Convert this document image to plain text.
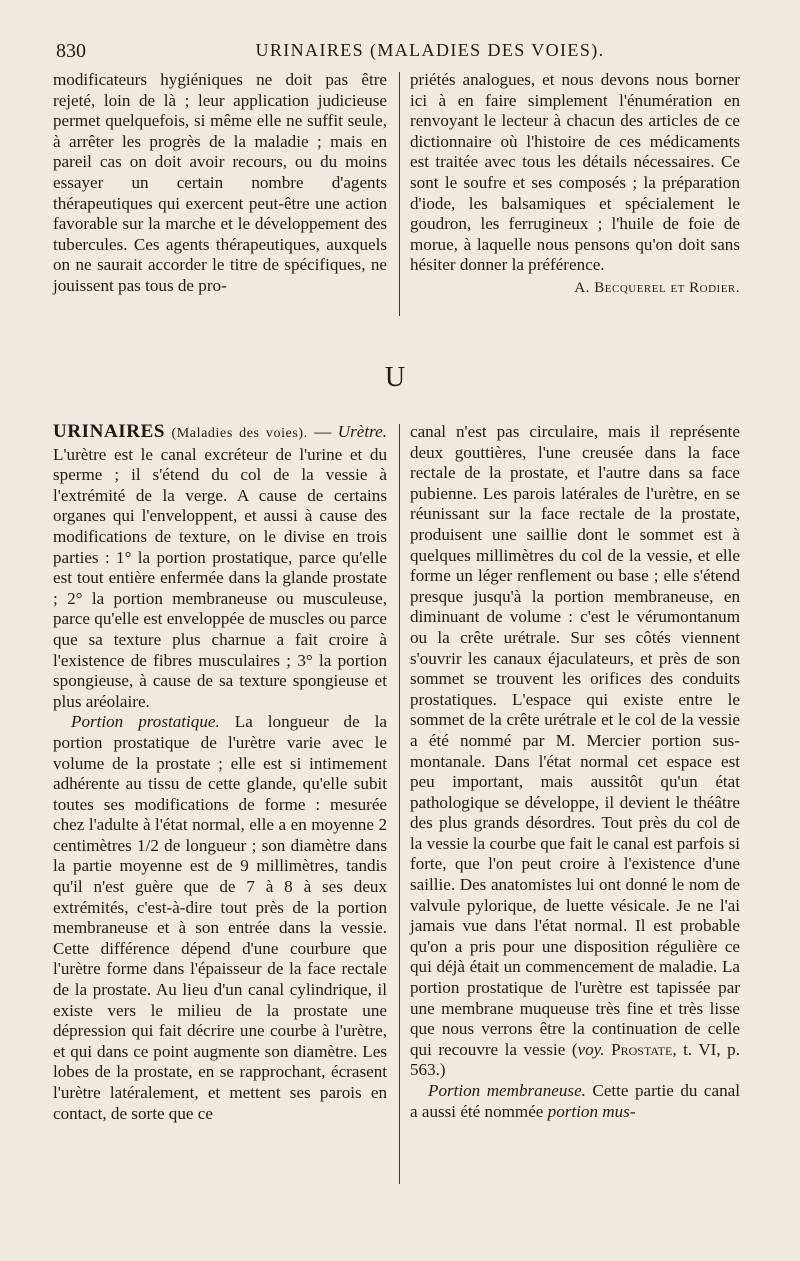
830	URINAIRES (MALADIES DES VOIES).

modificateurs hygiéniques ne doit pas être rejeté, loin de là ; leur application judicieuse permet quelquefois, si même elle ne suffit seule, à arrêter les progrès de la maladie ; mais en pareil cas on doit avoir recours, ou du moins essayer un certain nombre d'agents thérapeutiques qui exercent peut-être une action favorable sur la marche et le développement des tubercules. Ces agents thérapeutiques, auxquels on ne saurait accorder le titre de spécifiques, ne jouissent pas tous de pro-

priétés analogues, et nous devons nous borner ici à en faire simplement l'énumération en renvoyant le lecteur à chacun des articles de ce dictionnaire où l'histoire de ces médicaments est traitée avec tous les détails nécessaires. Ce sont le soufre et ses composés ; la préparation d'iode, les balsamiques et spécialement le goudron, les ferrugineux ; l'huile de foie de morue, à laquelle nous pensons qu'on doit sans hésiter donner la préférence.

A. Becquerel et Rodier.

U

URINAIRES (Maladies des voies). — Urètre. L'urètre est le canal excréteur de l'urine et du sperme ; il s'étend du col de la vessie à l'extrémité de la verge. A cause de certains organes qui l'enveloppent, et aussi à cause des modifications de texture, on le divise en trois parties : 1° la portion prostatique, parce qu'elle est tout entière enfermée dans la glande prostate ; 2° la portion membraneuse ou musculeuse, parce qu'elle est enveloppée de muscles ou parce que sa texture plus charnue a fait croire à l'existence de fibres musculaires ; 3° la portion spongieuse, à cause de sa texture spongieuse et plus aréolaire.

Portion prostatique. La longueur de la portion prostatique de l'urètre varie avec le volume de la prostate ; elle est si intimement adhérente au tissu de cette glande, qu'elle subit toutes ses modifications de forme : mesurée chez l'adulte à l'état normal, elle a en moyenne 2 centimètres 1/2 de longueur ; son diamètre dans la partie moyenne est de 9 millimètres, tandis qu'il n'est guère que de 7 à 8 à ses deux extrémités, c'est-à-dire tout près de la portion membraneuse et à son entrée dans la vessie. Cette différence dépend d'une courbure que l'urètre forme dans l'épaisseur de la face rectale de la prostate. Au lieu d'un canal cylindrique, il existe vers le milieu de la prostate une dépression qui fait décrire une courbe à l'urètre, et qui dans ce point augmente son diamètre. Les lobes de la prostate, en se rapprochant, écrasent l'urètre latéralement, et mettent ses parois en contact, de sorte que ce

canal n'est pas circulaire, mais il représente deux gouttières, l'une creusée dans la face rectale de la prostate, et l'autre dans sa face pubienne. Les parois latérales de l'urètre, en se réunissant sur la face rectale de la prostate, produisent une saillie dont le sommet est à quelques millimètres du col de la vessie, et elle forme un léger renflement ou base ; elle s'étend presque jusqu'à la portion membraneuse, en diminuant de volume : c'est le vérumontanum ou la crête urétrale. Sur ses côtés viennent s'ouvrir les canaux éjaculateurs, et près de son sommet se trouvent les orifices des conduits prostatiques. L'espace qui existe entre le sommet de la crête urétrale et le col de la vessie a été nommé par M. Mercier portion sus-montanale. Dans l'état normal cet espace est peu important, mais aussitôt qu'un état pathologique se développe, il devient le théâtre des plus grands désordres. Tout près du col de la vessie la courbe que fait le canal est parfois si forte, que l'on peut croire à l'existence d'une saillie. Des anatomistes lui ont donné le nom de valvule pylorique, de luette vésicale. Je ne l'ai jamais vue dans l'état normal. Il est probable qu'on a pris pour une disposition régulière ce qui déjà était un commencement de maladie. La portion prostatique de l'urètre est tapissée par une membrane muqueuse très fine et très lisse que nous verrons être la continuation de celle qui recouvre la vessie (voy. Prostate, t. VI, p. 563.)

Portion membraneuse. Cette partie du canal a aussi été nommée portion mus-
